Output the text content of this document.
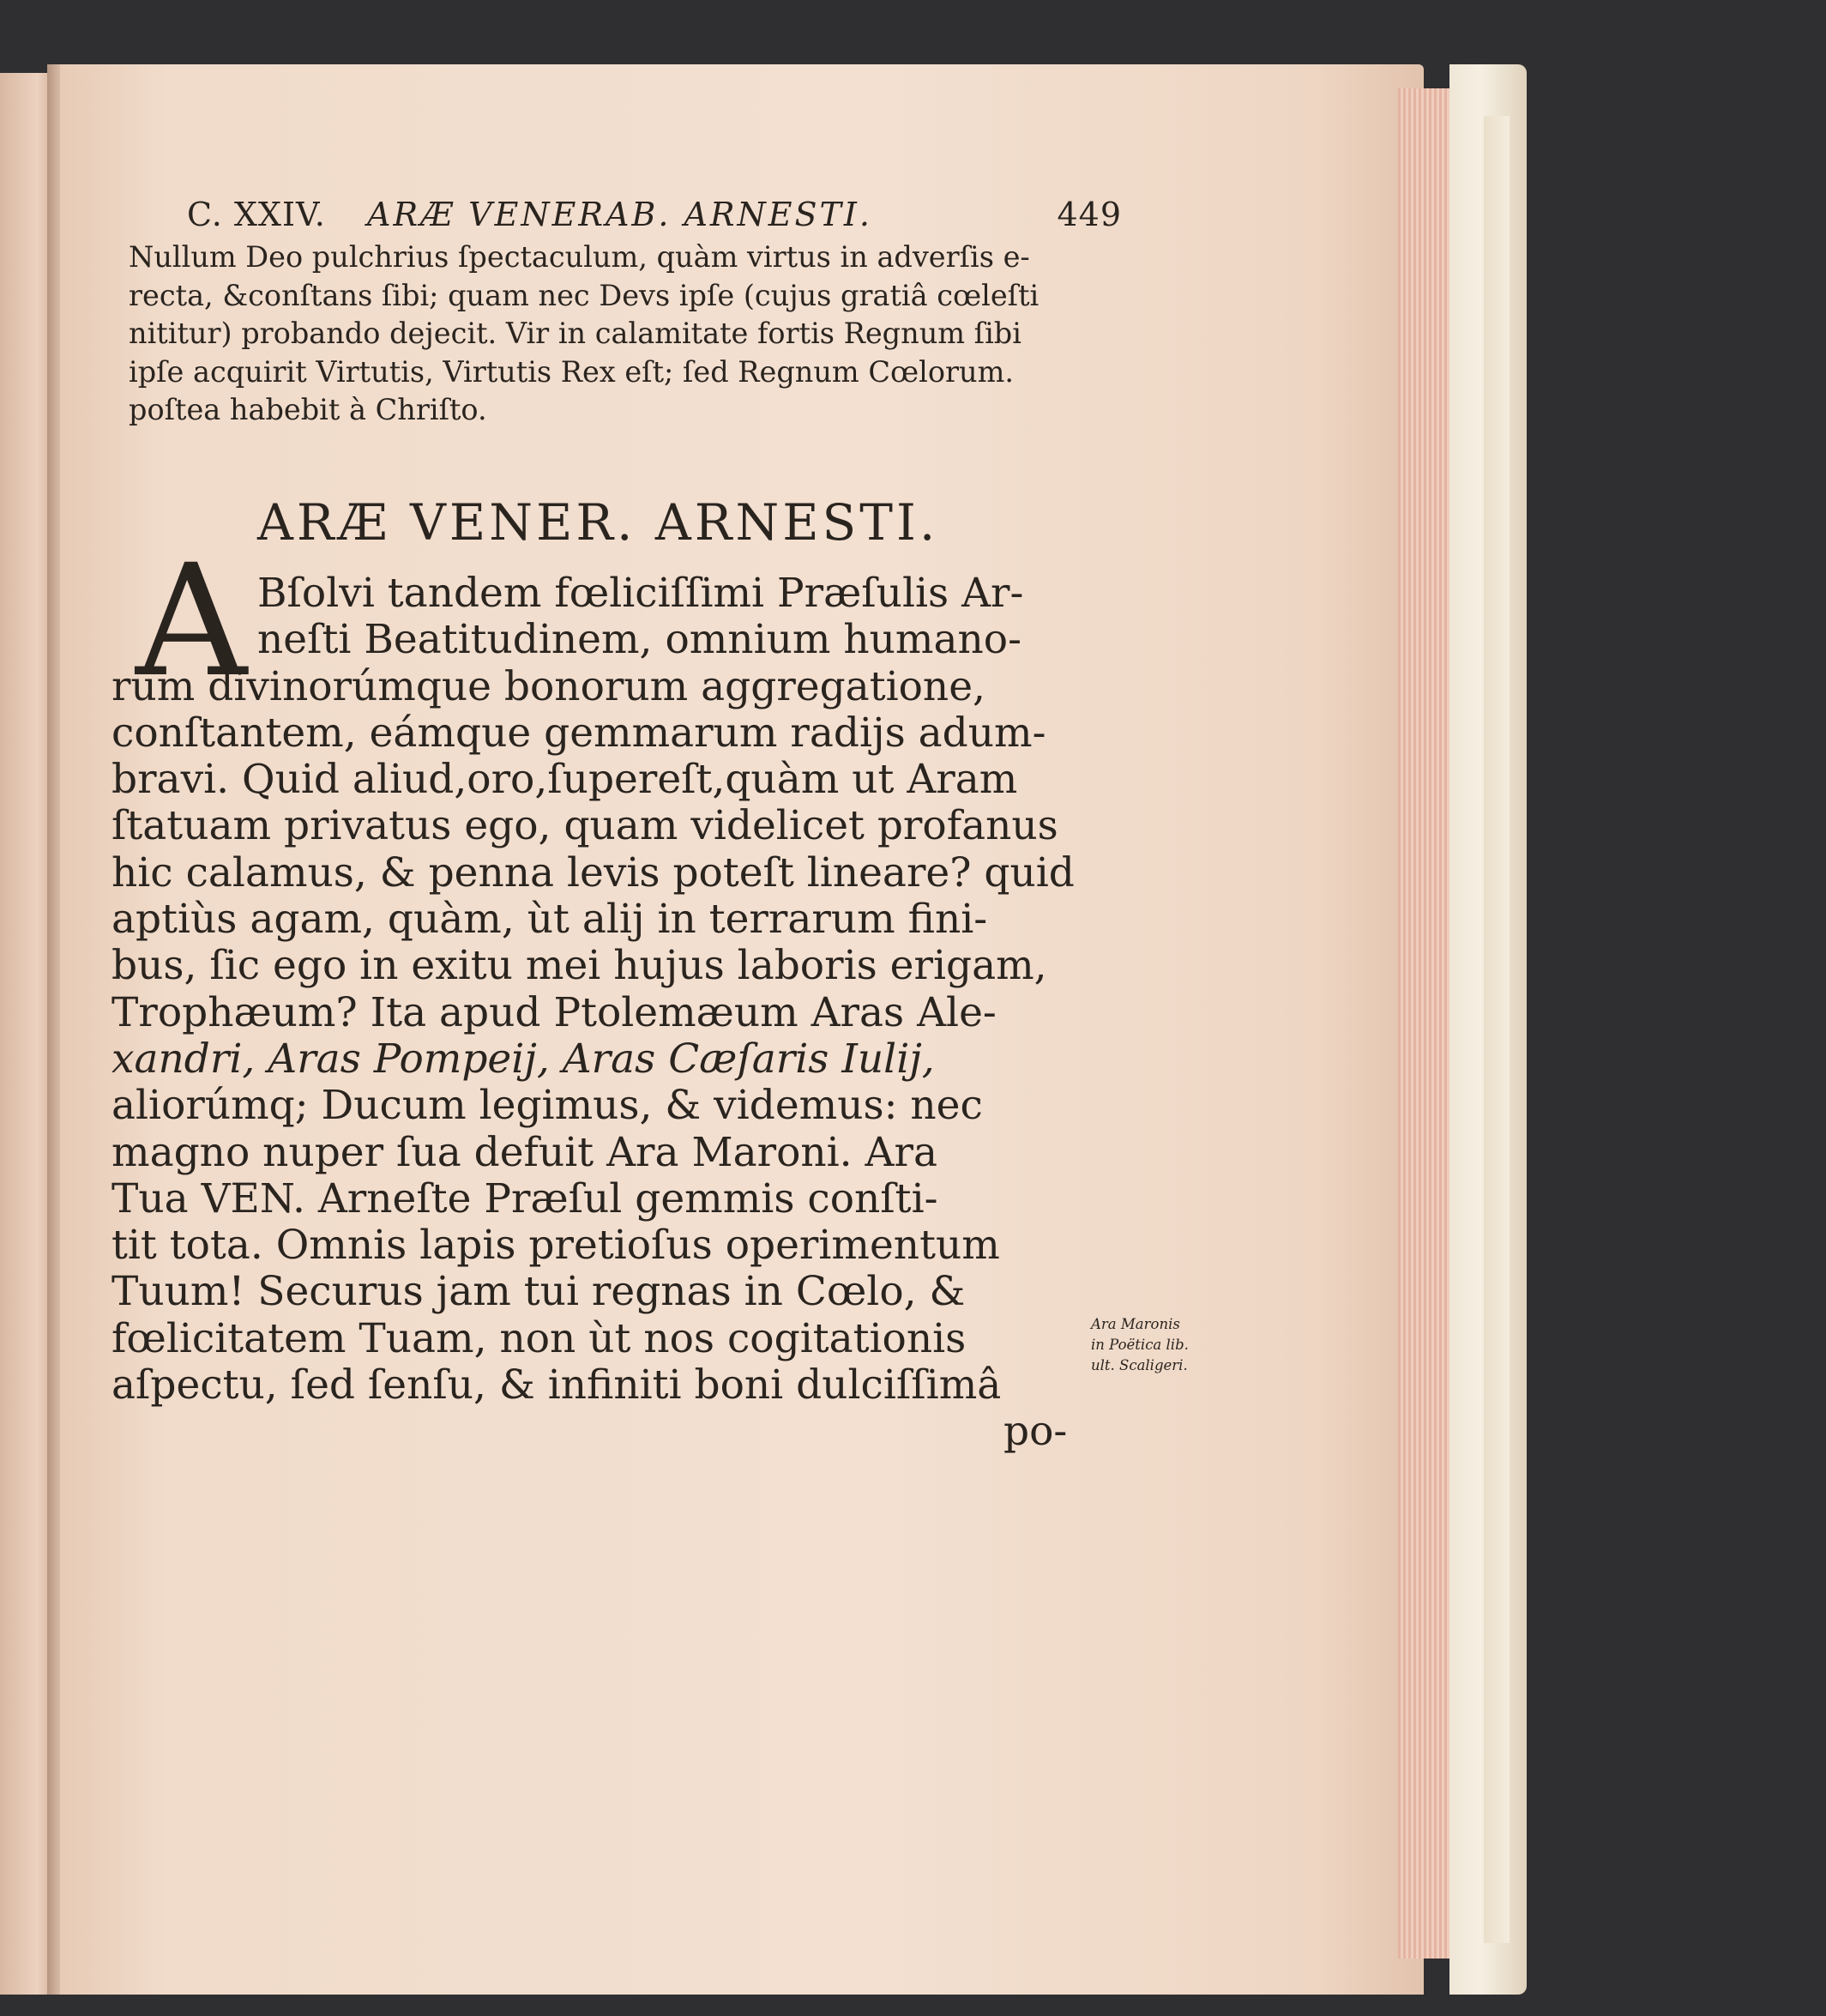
C. XXIV. ARÆ VENERAB. ARNESTI.	449
Nullum Deo pulchrius ſpectaculum, quàm virtus in adverſis e-
recta, &conſtans ſibi; quam nec Devs ipſe (cujus gratiâ cœleſti
nititur) probando dejecit. Vir in calamitate fortis Regnum ſibi
ipſe acquirit Virtutis, Virtutis Rex eſt; ſed Regnum Cœlorum.
poſtea habebit à Chriſto.
ARÆ VENER. ARNESTI.
A Bſolvi tandem fœliciſſimi Præſulis Ar-
neſti Beatitudinem, omnium humano-
rum divinorúmque bonorum aggregatione,
conſtantem, eámque gemmarum radijs adum-
bravi. Quid aliud,oro,ſupereſt,quàm ut Aram
ſtatuam privatus ego, quam videlicet profanus
hic calamus, & penna levis poteſt lineare? quid
aptiùs agam, quàm, ùt alij in terrarum fini-
bus, ſic ego in exitu mei hujus laboris erigam,
Trophæum? Ita apud Ptolemæum Aras Ale-
xandri, Aras Pompeij, Aras Cæſaris Iulij,
aliorúmq; Ducum legimus, & videmus: nec
magno nuper ſua defuit Ara Maroni. Ara
Tua VEN. Arneſte Præſul gemmis conſti-
tit tota. Omnis lapis pretioſus operimentum
Tuum! Securus jam tui regnas in Cœlo, &
fœlicitatem Tuam, non ùt nos cogitationis
aſpectu, ſed ſenſu, & infiniti boni dulciſſimâ
po-
Ara Maronis
in Poëtica lib.
ult. Scaligeri.
